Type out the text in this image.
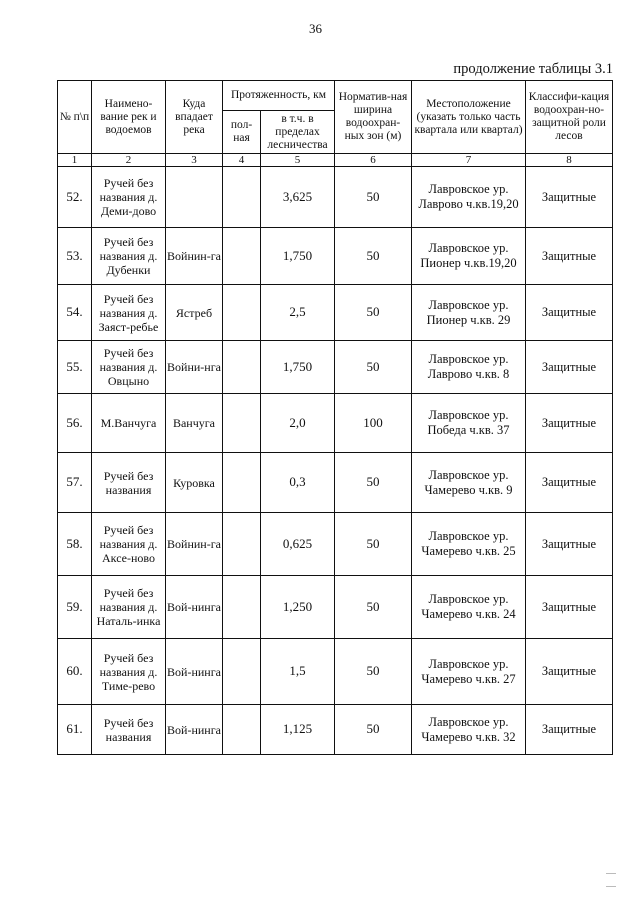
36
продолжение таблицы 3.1
№ п\п	Наимено-вание рек и водоемов	Куда впадает река	Протяженность, км		Норматив-ная ширина водоохран-ных зон (м)	Местоположение (указать только часть квартала или квартал)	Классифи-кация водоохран-но-защитной роли лесов
			пол-ная	в т.ч. в пределах лесничества			
1	2	3	4	5	6	7	8
52.	Ручей без названия д. Деми-дово			3,625	50	Лавровское ур. Лаврово ч.кв.19,20	Защитные
53.	Ручей без названия д. Дубенки	Войнин-га		1,750	50	Лавровское ур. Пионер ч.кв.19,20	Защитные
54.	Ручей без названия д. Заяст-ребье	Ястреб		2,5	50	Лавровское ур. Пионер ч.кв. 29	Защитные
55.	Ручей без названия д. Овцыно	Войни-нга		1,750	50	Лавровское ур. Лаврово ч.кв. 8	Защитные
56.	М.Ванчуга	Ванчуга		2,0	100	Лавровское ур. Победа ч.кв. 37	Защитные
57.	Ручей без названия	Куровка		0,3	50	Лавровское ур. Чамерево ч.кв. 9	Защитные
58.	Ручей без названия д. Аксе-ново	Войнин-га		0,625	50	Лавровское ур. Чамерево ч.кв. 25	Защитные
59.	Ручей без названия д. Наталь-инка	Вой-нинга		1,250	50	Лавровское ур. Чамерево ч.кв. 24	Защитные
60.	Ручей без названия д. Тиме-рево	Вой-нинга		1,5	50	Лавровское ур. Чамерево ч.кв. 27	Защитные
61.	Ручей без названия	Вой-нинга		1,125	50	Лавровское ур. Чамерево ч.кв. 32	Защитные
